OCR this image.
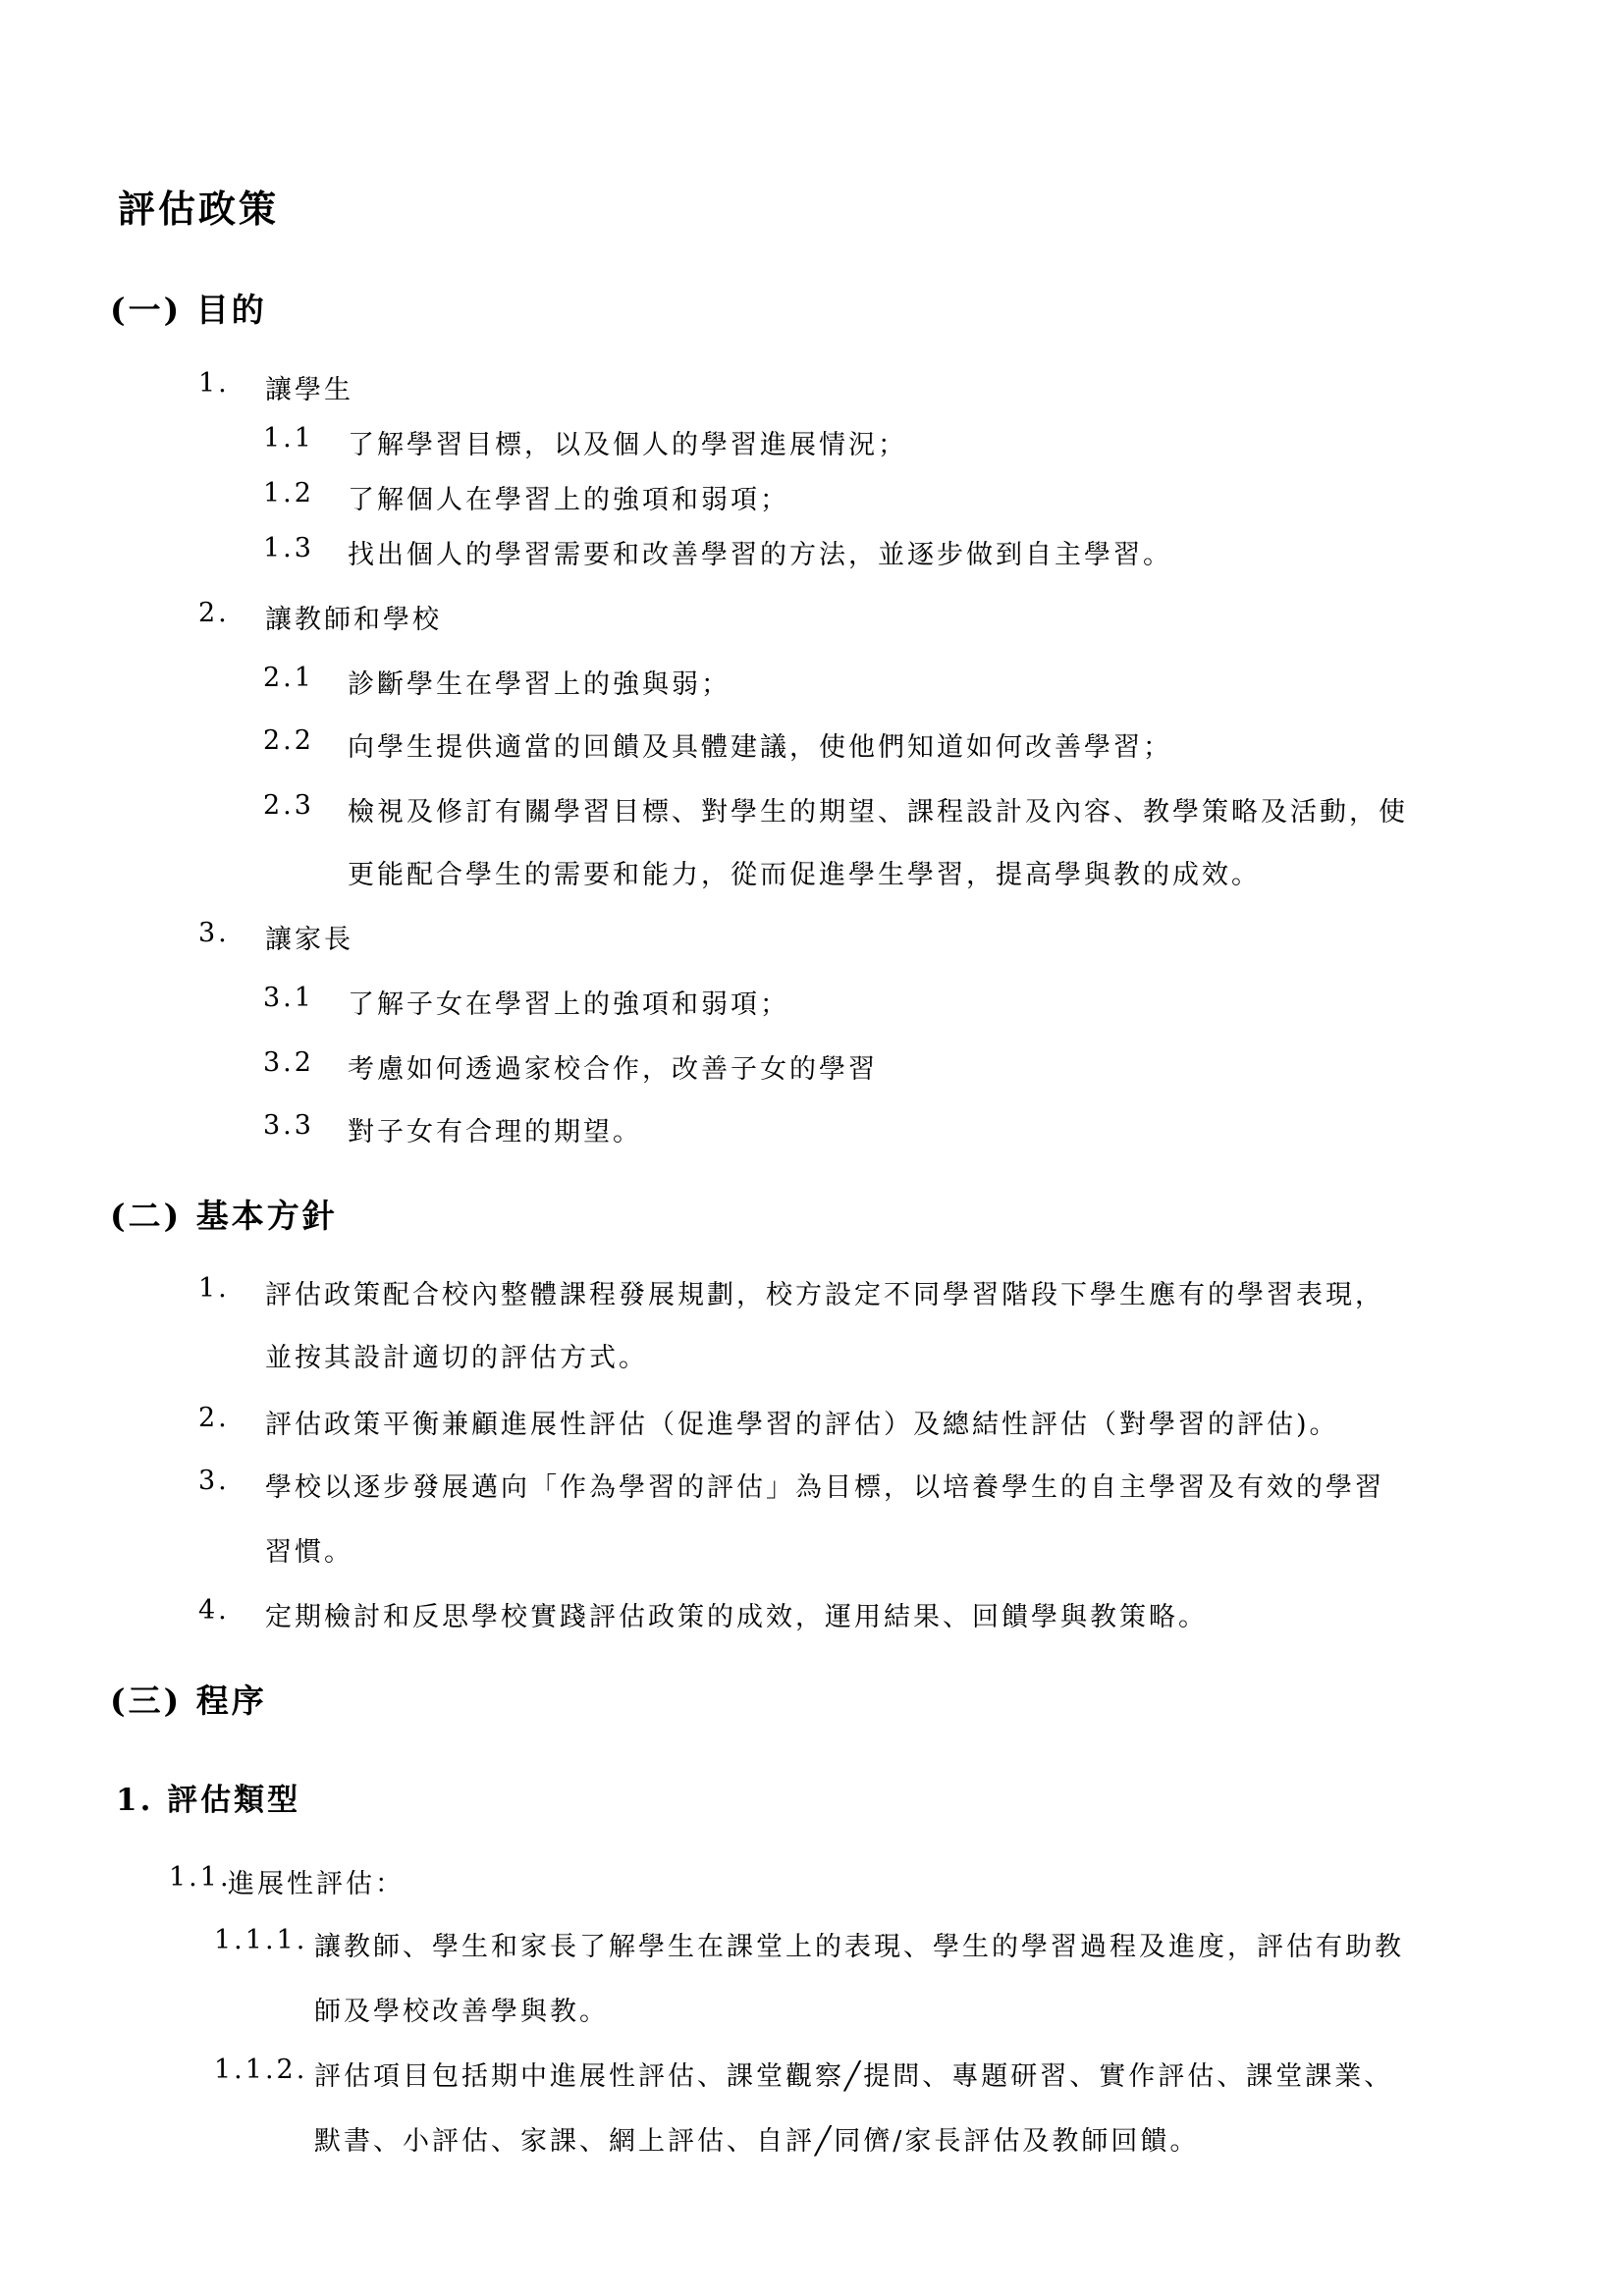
評估政策
(一) 目的
1. 讓學生
1.1 了解學習目標，以及個人的學習進展情況；
1.2 了解個人在學習上的強項和弱項；
1.3 找出個人的學習需要和改善學習的方法，並逐步做到自主學習。
2. 讓教師和學校
2.1 診斷學生在學習上的強與弱；
2.2 向學生提供適當的回饋及具體建議，使他們知道如何改善學習；
2.3 檢視及修訂有關學習目標、對學生的期望、課程設計及內容、教學策略及活動，使
更能配合學生的需要和能力，從而促進學生學習，提高學與教的成效。
3. 讓家長
3.1 了解子女在學習上的強項和弱項；
3.2 考慮如何透過家校合作，改善子女的學習
3.3 對子女有合理的期望。
(二) 基本方針
1. 評估政策配合校內整體課程發展規劃，校方設定不同學習階段下學生應有的學習表現，
並按其設計適切的評估方式。
2. 評估政策平衡兼顧進展性評估（促進學習的評估）及總結性評估（對學習的評估)。
3. 學校以逐步發展邁向「作為學習的評估」為目標，以培養學生的自主學習及有效的學習
習慣。
4. 定期檢討和反思學校實踐評估政策的成效，運用結果、回饋學與教策略。
(三) 程序
1. 評估類型
1.1.
進展性評估：
1.1.1. 讓教師、學生和家長了解學生在課堂上的表現、學生的學習過程及進度，評估有助教
師及學校改善學與教。
1.1.2. 評估項目包括期中進展性評估、課堂觀察╱提問、專題研習、實作評估、課堂課業、
默書、小評估、家課、網上評估、自評╱同儕/家長評估及教師回饋。
